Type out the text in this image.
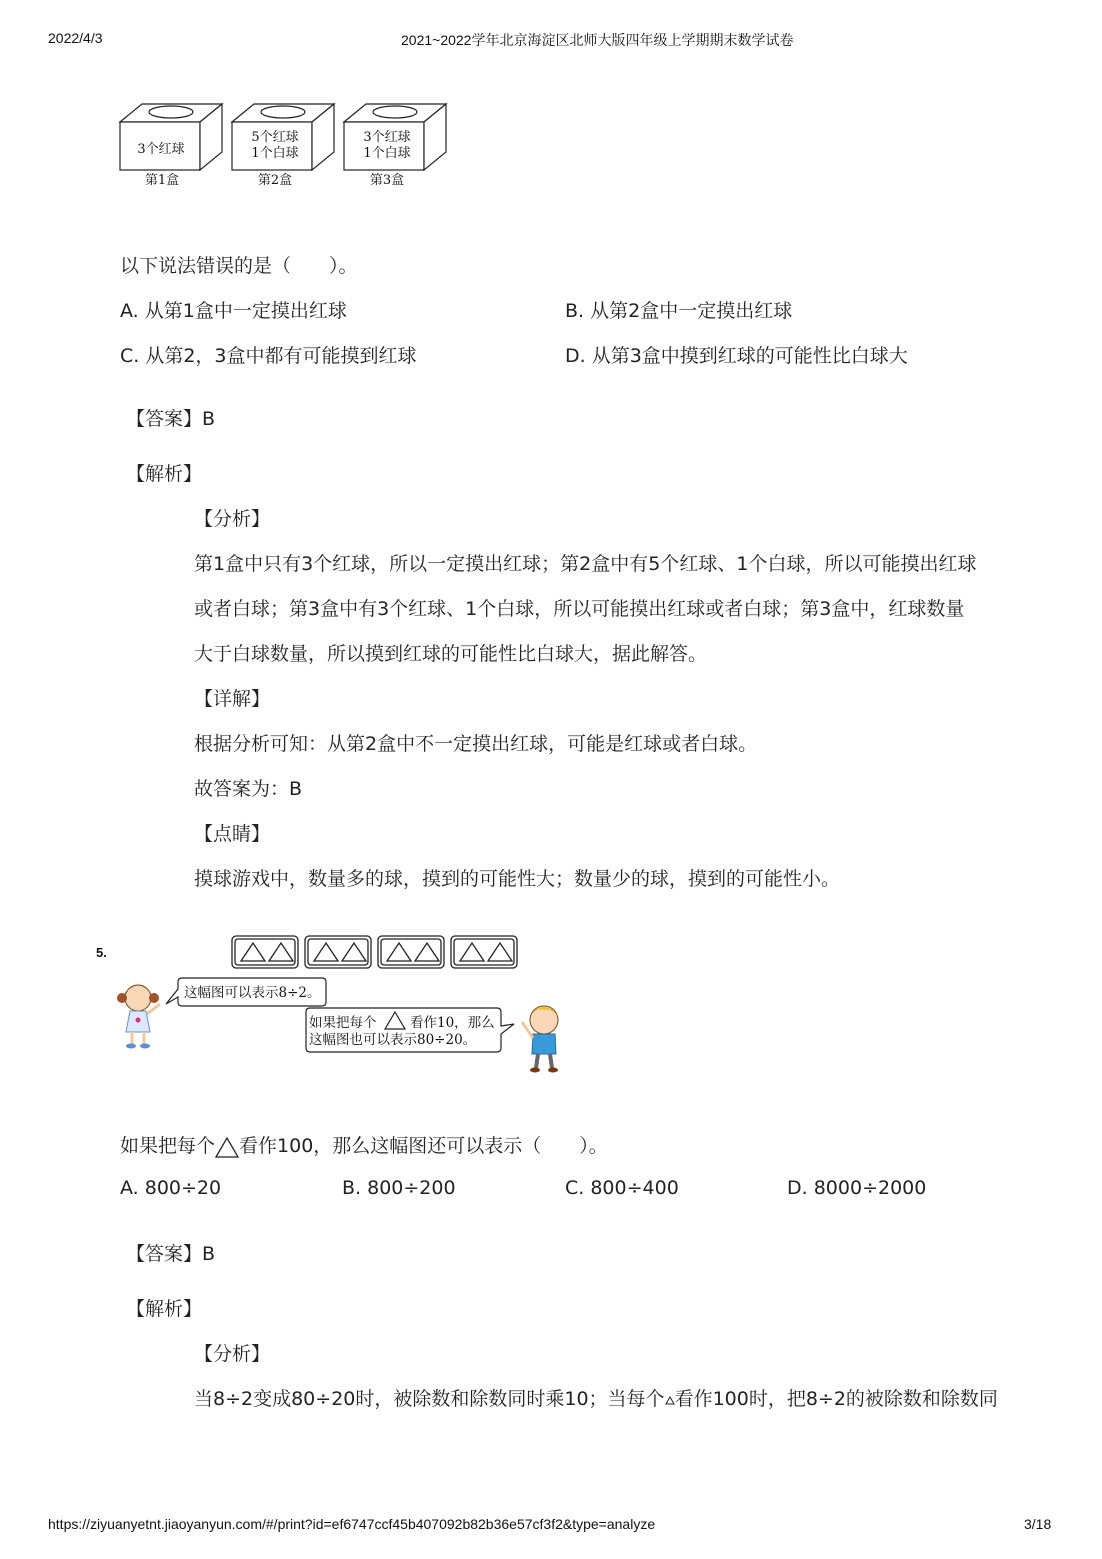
2022/4/3	2021~2022学年北京海淀区北师大版四年级上学期期末数学试卷
3个红球
5个红球
1个白球
3个红球
1个白球
第1盒	第2盒	第3盒
以下说法错误的是（　　）。
A. 从第1盒中一定摸出红球	B. 从第2盒中一定摸出红球
C. 从第2，3盒中都有可能摸到红球	D. 从第3盒中摸到红球的可能性比白球大
【答案】B
【解析】
【分析】
第1盒中只有3个红球，所以一定摸出红球；第2盒中有5个红球、1个白球，所以可能摸出红球
或者白球；第3盒中有3个红球、1个白球，所以可能摸出红球或者白球；第3盒中，红球数量
大于白球数量，所以摸到红球的可能性比白球大，据此解答。
【详解】
根据分析可知：从第2盒中不一定摸出红球，可能是红球或者白球。
故答案为：B
【点睛】
摸球游戏中，数量多的球，摸到的可能性大；数量少的球，摸到的可能性小。
5.
这幅图可以表示8÷2。
如果把每个 看作10，那么
这幅图也可以表示80÷20。
如果把每个 看作100，那么这幅图还可以表示（　　）。
A. 800÷20	B. 800÷200	C. 800÷400	D. 8000÷2000
【答案】B
【解析】
【分析】
当8÷2变成80÷20时，被除数和除数同时乘10；当每个 看作100时，把8÷2的被除数和除数同
https://ziyuanyetnt.jiaoyanyun.com/#/print?id=ef6747ccf45b407092b82b36e57cf3f2&type=analyze	3/18
